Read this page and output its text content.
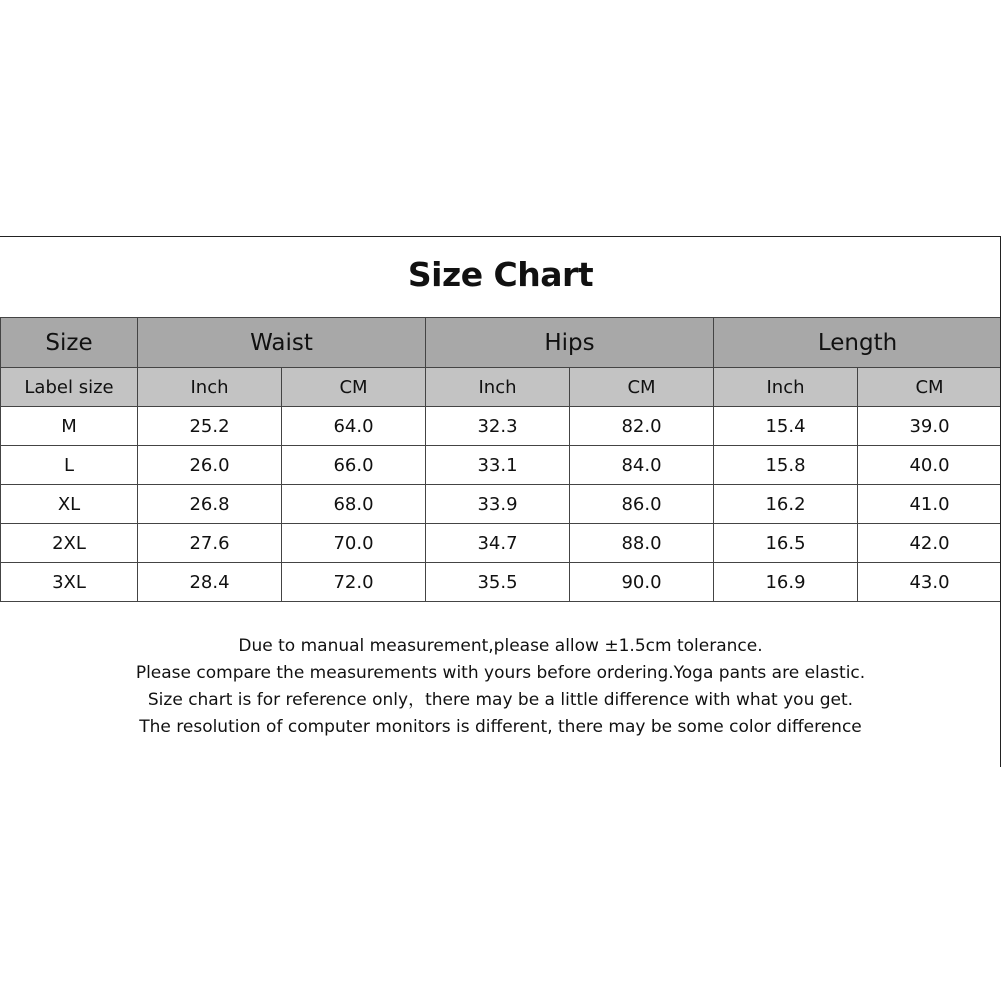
Size Chart
Size	Waist		Hips		Length	
Label size	Inch	CM	Inch	CM	Inch	CM
M	25.2	64.0	32.3	82.0	15.4	39.0
L	26.0	66.0	33.1	84.0	15.8	40.0
XL	26.8	68.0	33.9	86.0	16.2	41.0
2XL	27.6	70.0	34.7	88.0	16.5	42.0
3XL	28.4	72.0	35.5	90.0	16.9	43.0
Due to manual measurement,please allow ±1.5cm tolerance.
Please compare the measurements with yours before ordering.Yoga pants are elastic.
Size chart is for reference only，there may be a little difference with what you get.
The resolution of computer monitors is different, there may be some color difference
